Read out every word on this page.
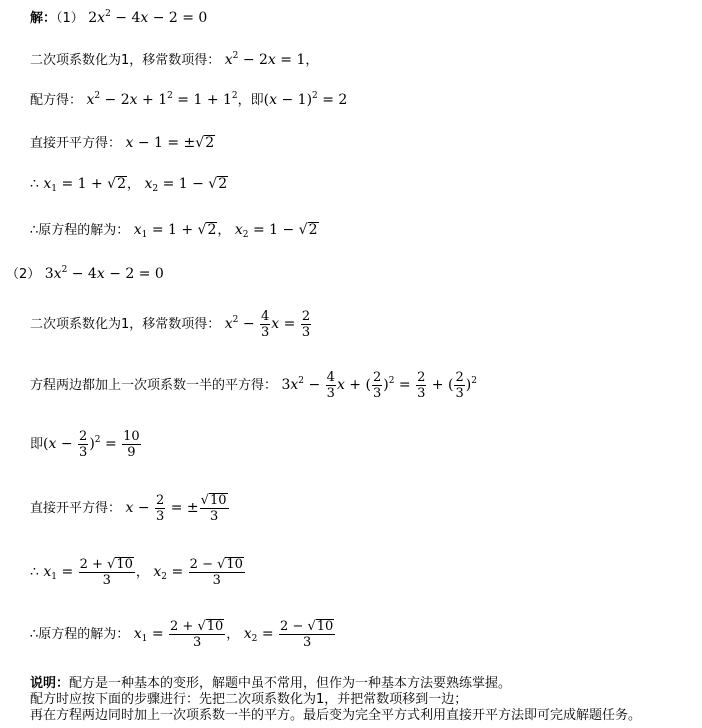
解：（1） $2x^2 - 4x - 2 = 0$
二次项系数化为1，移常数项得： $x^2 - 2x = 1$，
配方得： $x^2 - 2x + 1^2 = 1 + 1^2$，即$(x - 1)^2 = 2$
直接开平方得： x − 1 = ±√2
∴ $x_1 = 1 + √2$， $x_2 = 1 - √2$
∴原方程的解为： $x_1 = 1 + √2$， $x_2 = 1 - √2$
（2） $3x^2 - 4x - 2 = 0$
二次项系数化为1，移常数项得： $x^2 - \frac{4}{3}$ $x = \frac{2}{3}$
方程两边都加上一次项系数一半的平方得： $3x^2 - \frac{4}{3}$ x + ( $\frac{2}{3} )^2 = \frac{2}{3}$ + ( $\frac{2}{3} )^2$
即$(x - \frac{2}{3} )^2 = \frac{10}{9}$
直接开平方得： $x - \frac{2}{3}$ = ± $\frac{√10}{3}$
∴ $x_1 = \frac{2 + √10}{3}$ ， $x_2 = \frac{2 - √10}{3}$
∴原方程的解为： $x_1 = \frac{2 + √10}{3}$ ， $x_2 = \frac{2 - √10}{3}$
说明：配方是一种基本的变形，解题中虽不常用，但作为一种基本方法要熟练掌握。
配方时应按下面的步骤进行：先把二次项系数化为1，并把常数项移到一边；
再在方程两边同时加上一次项系数一半的平方。最后变为完全平方式利用直接开平方法即可完成解题任务。
